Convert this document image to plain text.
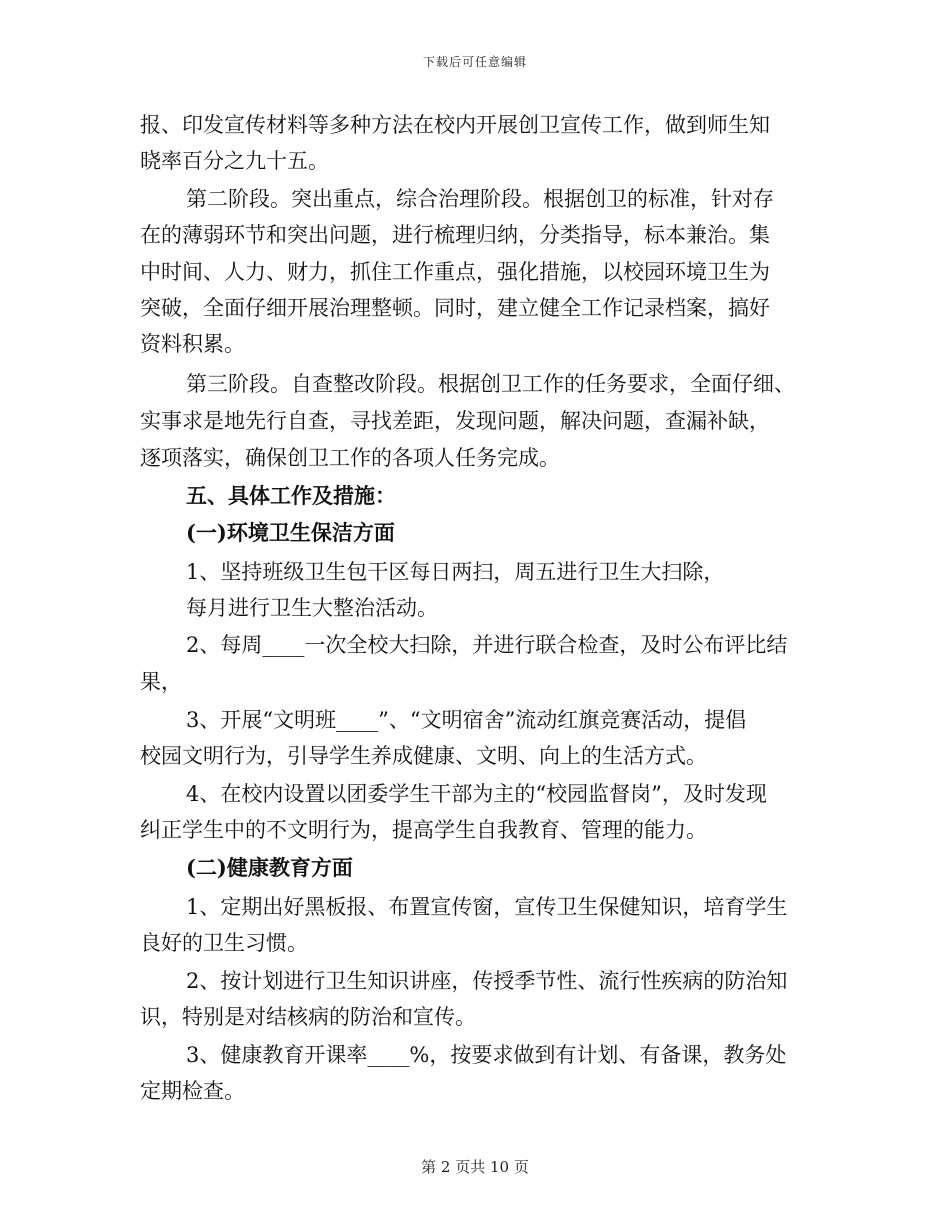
下载后可任意编辑
报、印发宣传材料等多种方法在校内开展创卫宣传工作，做到师生知
晓率百分之九十五。
第二阶段。突出重点，综合治理阶段。根据创卫的标准，针对存
在的薄弱环节和突出问题，进行梳理归纳，分类指导，标本兼治。集
中时间、人力、财力，抓住工作重点，强化措施，以校园环境卫生为
突破，全面仔细开展治理整顿。同时，建立健全工作记录档案，搞好
资料积累。
第三阶段。自查整改阶段。根据创卫工作的任务要求，全面仔细、
实事求是地先行自查，寻找差距，发现问题，解决问题，查漏补缺，
逐项落实，确保创卫工作的各项人任务完成。
五、具体工作及措施：
(一)环境卫生保洁方面
1、坚持班级卫生包干区每日两扫，周五进行卫生大扫除，
每月进行卫生大整治活动。
2、每周____一次全校大扫除，并进行联合检查，及时公布评比结
果，
3、开展“文明班____”、“文明宿舍”流动红旗竞赛活动，提倡
校园文明行为，引导学生养成健康、文明、向上的生活方式。
4、在校内设置以团委学生干部为主的“校园监督岗”，及时发现
纠正学生中的不文明行为，提高学生自我教育、管理的能力。
(二)健康教育方面
1、定期出好黑板报、布置宣传窗，宣传卫生保健知识，培育学生
良好的卫生习惯。
2、按计划进行卫生知识讲座，传授季节性、流行性疾病的防治知
识，特别是对结核病的防治和宣传。
3、健康教育开课率____%，按要求做到有计划、有备课，教务处
定期检查。
第 2 页共 10 页
